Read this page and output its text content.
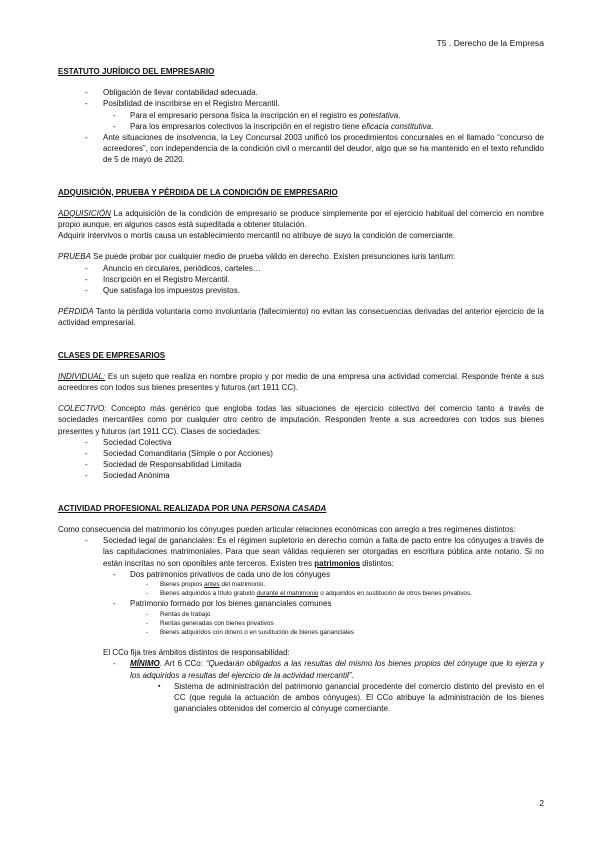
T5 . Derecho de la Empresa
ESTATUTO JURÍDICO DEL EMPRESARIO
- Obligación de llevar contabilidad adecuada.
- Posibilidad de inscribirse en el Registro Mercantil.
- Para el empresario persona física la inscripción en el registro es potestativa.
- Para los empresarios colectivos la inscripción en el registro tiene eficacia constitutiva.
- Ante situaciones de insolvencia, la Ley Concursal 2003 unificó los procedimientos concursales en el llamado “concurso de acreedores”, con independencia de la condición civil o mercantil del deudor, algo que se ha mantenido en el texto refundido de 5 de mayo de 2020.
ADQUISICIÓN, PRUEBA Y PÉRDIDA DE LA CONDICIÓN DE EMPRESARIO

ADQUISICIÓN La adquisición de la condición de empresario se produce simplemente por el ejercicio habitual del comercio en nombre propio aunque, en algunos casos está supeditada a obtener titulación.

Adquirir intervivos o mortis causa un establecimiento mercantil no atribuye de suyo la condición de comerciante.

PRUEBA Se puede probar por cualquier medio de prueba válido en derecho. Existen presunciones iuris tantum:

- Anuncio en circulares, periódicos, carteles…
- Inscripción en el Registro Mercantil.
- Que satisfaga los impuestos previstos.

PÉRDIDA Tanto la pérdida voluntaria como involuntaria (fallecimiento) no evitan las consecuencias derivadas del anterior ejercicio de la actividad empresarial.

CLASES DE EMPRESARIOS

INDIVIDUAL: Es un sujeto que realiza en nombre propio y por medio de una empresa una actividad comercial. Responde frente a sus acreedores con todos sus bienes presentes y futuros (art 1911 CC).

COLECTIVO: Concepto más genérico que engloba todas las situaciones de ejercicio colectivo del comercio tanto a través de sociedades mercantiles como por cualquier otro centro de imputación. Responden frente a sus acreedores con todos sus bienes presentes y futuros (art 1911 CC). Clases de sociedades:

- Sociedad Colectiva
- Sociedad Comanditaria (Simple o por Acciones)
- Sociedad de Responsabilidad Limitada
- Sociedad Anónima
ACTIVIDAD PROFESIONAL REALIZADA POR UNA PERSONA CASADA

Como consecuencia del matrimonio los cónyuges pueden articular relaciones económicas con arreglo a tres regímenes distintos:

- Sociedad legal de gananciales: Es el régimen supletorio en derecho común a falta de pacto entre los cónyuges a través de las capitulaciones matrimoniales. Para que sean válidas requieren ser otorgadas en escritura pública ante notario. Si no están inscritas no son oponibles ante terceros. Existen tres patrimonios distintos:
- Dos patrimonios privativos de cada uno de los cónyuges
- Bienes propios antes del matrimonio.
- Bienes adquiridos a título gratuito durante el matrimonio o adquiridos en sustitución de otros bienes privativos.
- Patrimonio formado por los bienes gananciales comunes
- Rentas de trabajo
- Rentas generadas con bienes privativos
- Bienes adquiridos con dinero o en sustitución de bienes gananciales

El CCo fija tres ámbitos distintos de responsabilidad:

- MÍNIMO. Art 6 CCo: “Quedarán obligados a las resultas del mismo los bienes propios del cónyuge que lo ejerza y los adquiridos a resultas del ejercicio de la actividad mercantil”.
▪ Sistema de administración del patrimonio ganancial procedente del comercio distinto del previsto en el CC (que regula la actuación de ambos cónyuges). El CCo atribuye la administración de los bienes gananciales obtenidos del comercio al cónyuge comerciante.
2
